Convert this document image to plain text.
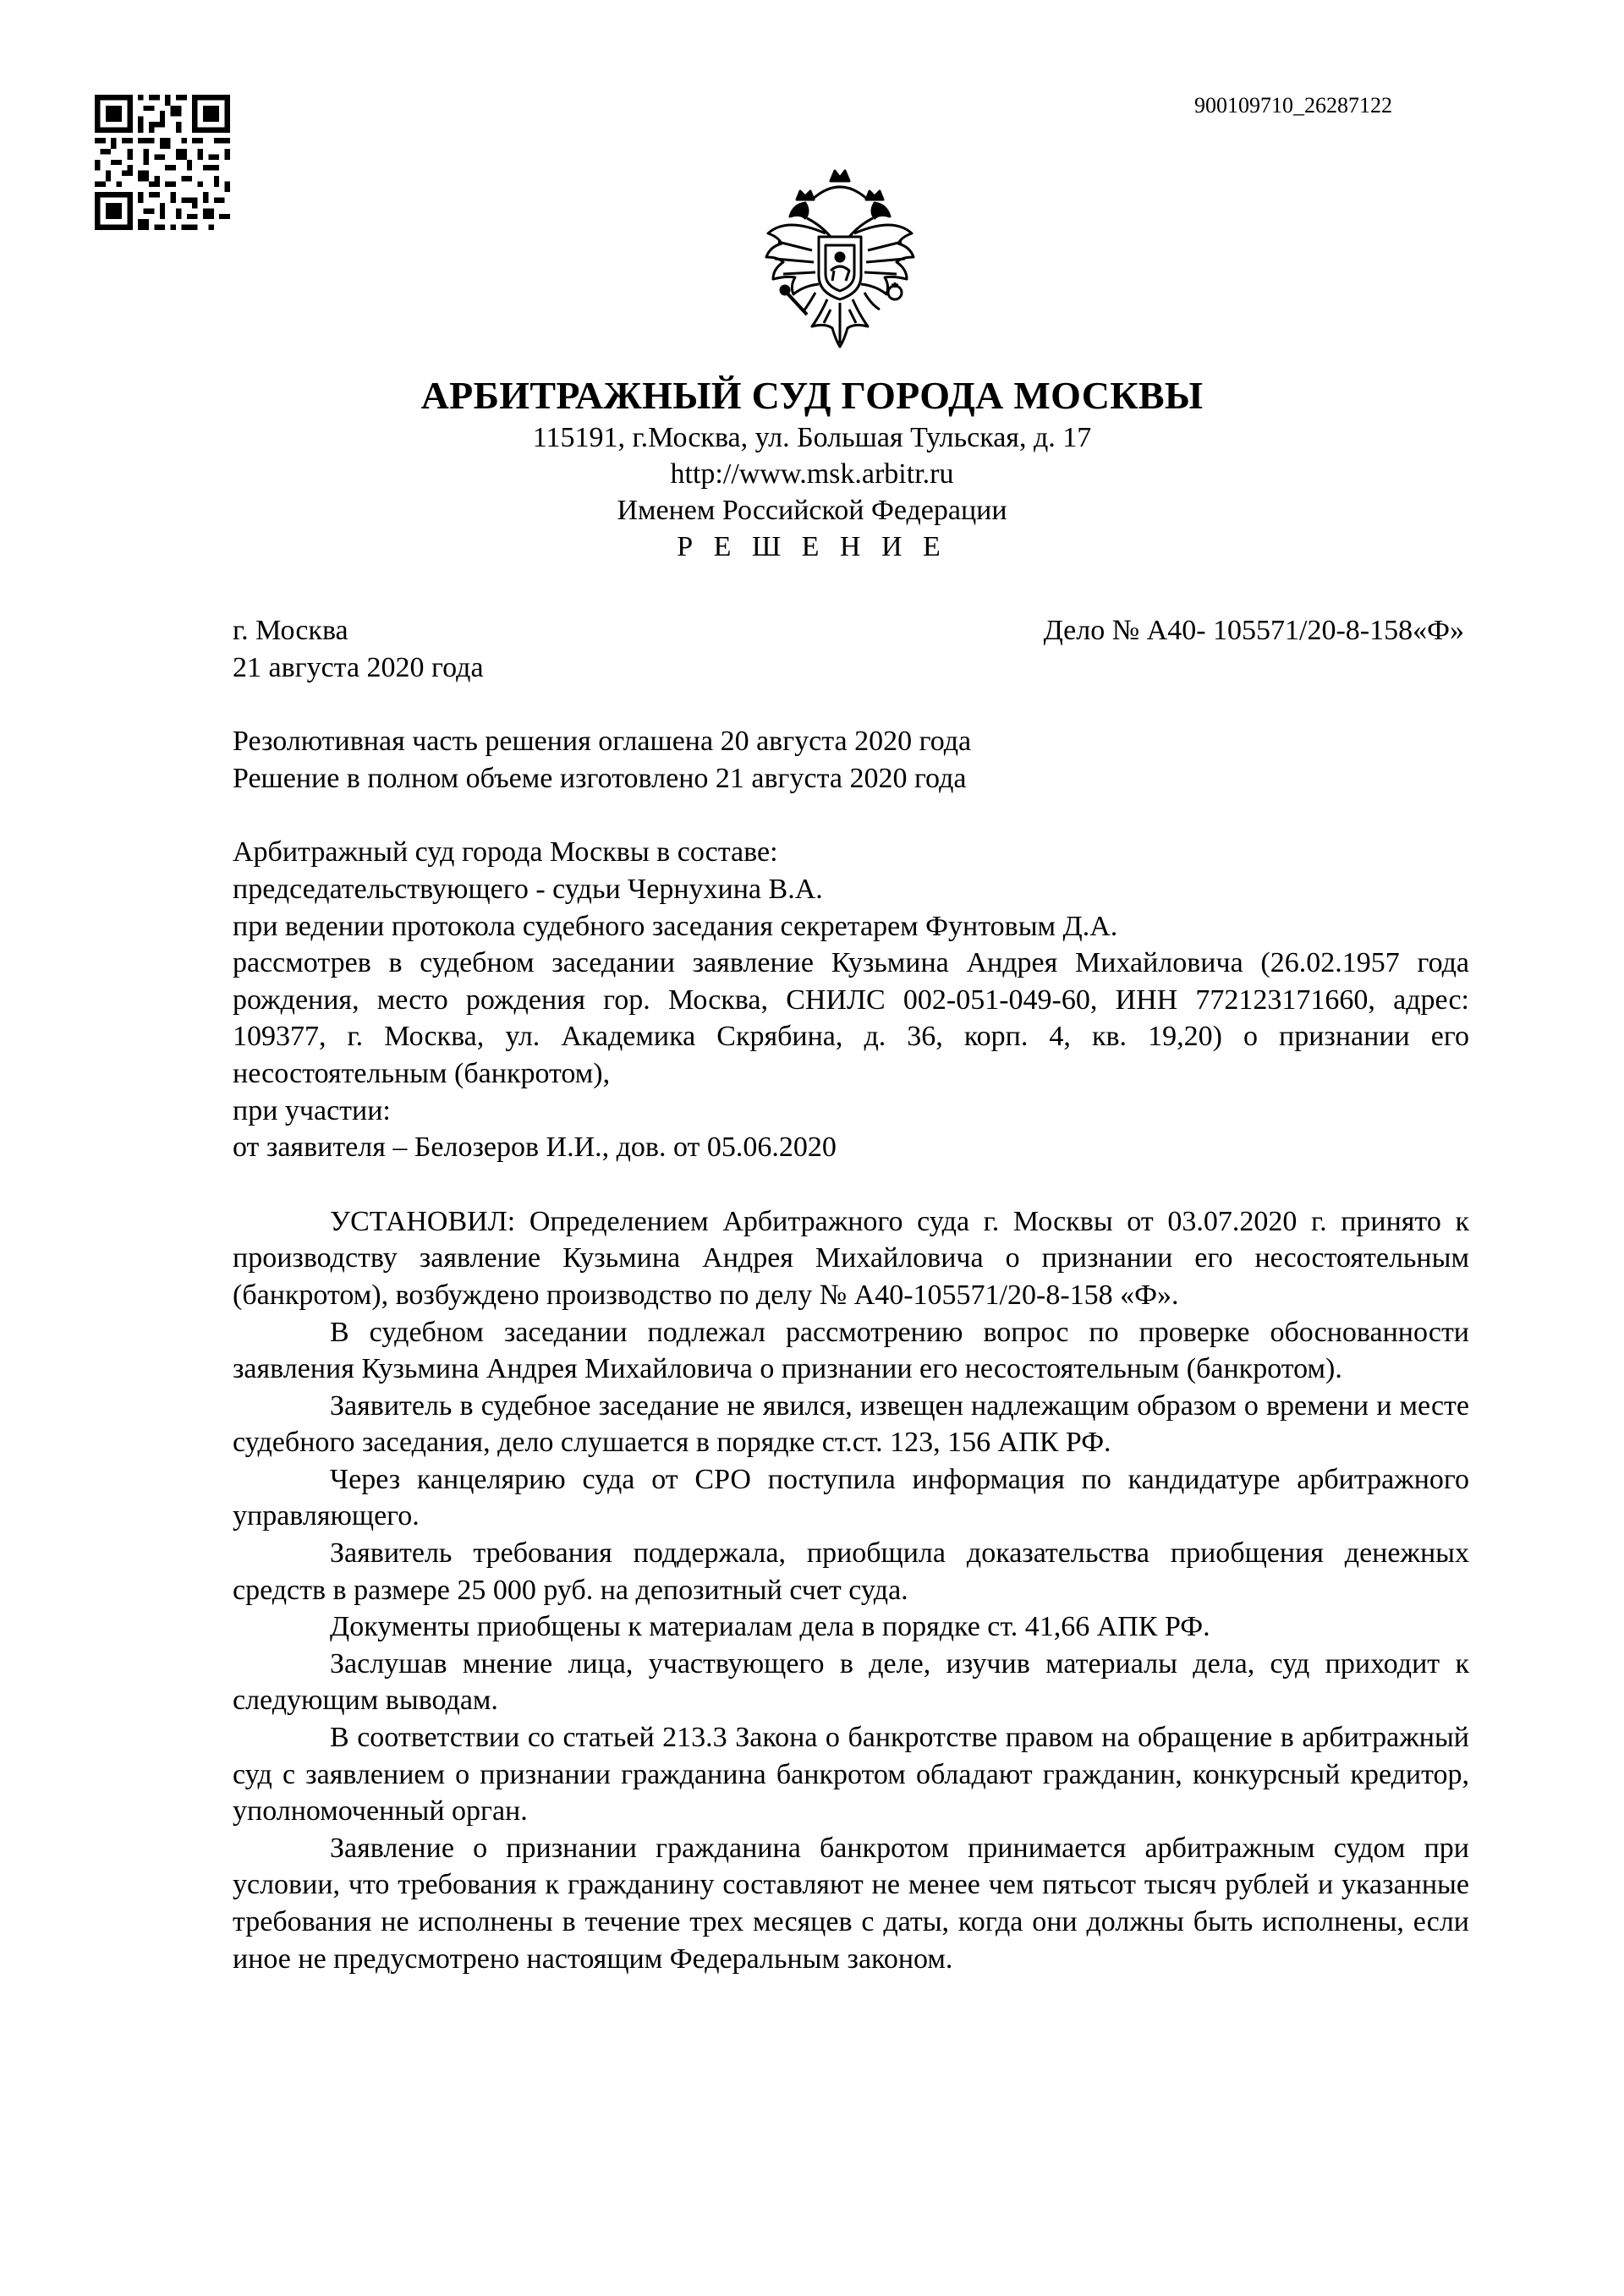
900109710_26287122
АРБИТРАЖНЫЙ СУД ГОРОДА МОСКВЫ
115191, г.Москва, ул. Большая Тульская, д. 17
http://www.msk.arbitr.ru
Именем Российской Федерации
Р Е Ш Е Н И Е
г. Москва	Дело № А40- 105571/20-8-158«Ф»
21 августа 2020 года
Резолютивная часть решения оглашена 20 августа 2020 года
Решение в полном объеме изготовлено 21 августа 2020 года
Арбитражный суд города Москвы в составе:
председательствующего - судьи Чернухина В.А.
при ведении протокола судебного заседания секретарем Фунтовым Д.А.

рассмотрев в судебном заседании заявление Кузьмина Андрея Михайловича (26.02.1957 года рождения, место рождения гор. Москва, СНИЛС 002-051-049-60, ИНН 772123171660, адрес: 109377, г. Москва, ул. Академика Скрябина, д. 36, корп. 4, кв. 19,20) о признании его несостоятельным (банкротом),

при участии:
от заявителя – Белозеров И.И., дов. от 05.06.2020

УСТАНОВИЛ: Определением Арбитражного суда г. Москвы от 03.07.2020 г. принято к производству заявление Кузьмина Андрея Михайловича о признании его несостоятельным (банкротом), возбуждено производство по делу № А40-105571/20-8-158 «Ф».

В судебном заседании подлежал рассмотрению вопрос по проверке обоснованности заявления Кузьмина Андрея Михайловича о признании его несостоятельным (банкротом).

Заявитель в судебное заседание не явился, извещен надлежащим образом о времени и месте судебного заседания, дело слушается в порядке ст.ст. 123, 156 АПК РФ.

Через канцелярию суда от СРО поступила информация по кандидатуре арбитражного управляющего.

Заявитель требования поддержала, приобщила доказательства приобщения денежных средств в размере 25 000 руб. на депозитный счет суда.

Документы приобщены к материалам дела в порядке ст. 41,66 АПК РФ.

Заслушав мнение лица, участвующего в деле, изучив материалы дела, суд приходит к следующим выводам.

В соответствии со статьей 213.3 Закона о банкротстве правом на обращение в арбитражный суд с заявлением о признании гражданина банкротом обладают гражданин, конкурсный кредитор, уполномоченный орган.

Заявление о признании гражданина банкротом принимается арбитражным судом при условии, что требования к гражданину составляют не менее чем пятьсот тысяч рублей и указанные требования не исполнены в течение трех месяцев с даты, когда они должны быть исполнены, если иное не предусмотрено настоящим Федеральным законом.
